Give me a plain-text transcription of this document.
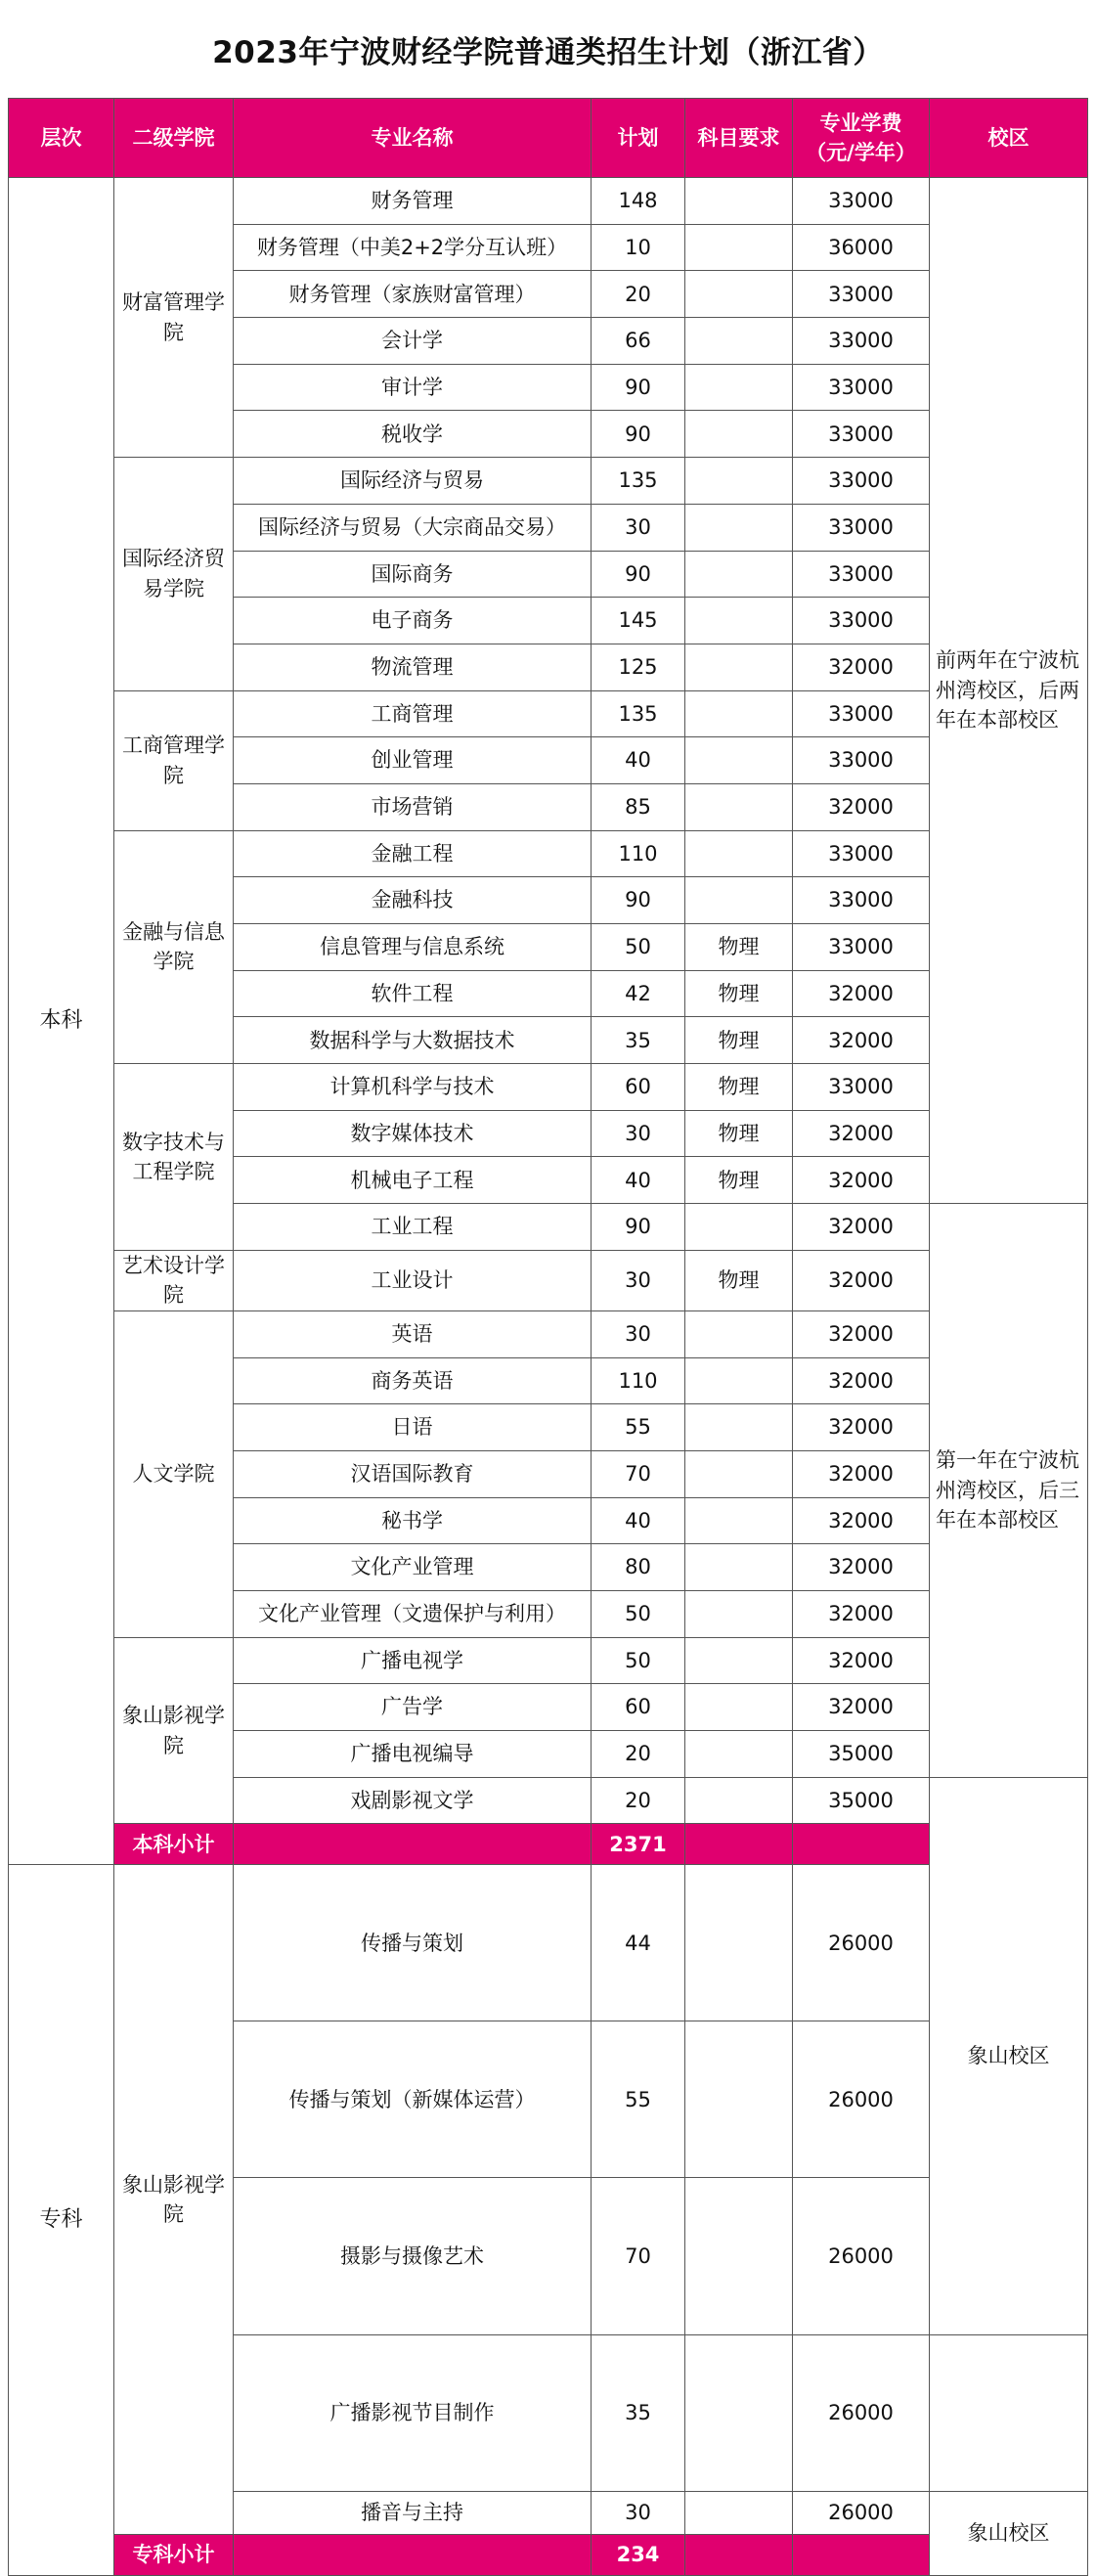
2023年宁波财经学院普通类招生计划（浙江省）
层次	二级学院	专业名称	计划	科目要求	专业学费（元/学年）	校区	
本科	财富管理学院	财务管理	148		33000	前两年在宁波杭州湾校区，后两年在本部校区	
		财务管理（中美2+2学分互认班）	10		36000		
		财务管理（家族财富管理）	20		33000		
		会计学	66		33000		
		审计学	90		33000		
		税收学	90		33000		
	国际经济贸易学院	国际经济与贸易	135		33000		
		国际经济与贸易（大宗商品交易）	30		33000		
		国际商务	90		33000		
		电子商务	145		33000		
		物流管理	125		32000		
	工商管理学院	工商管理	135		33000		
		创业管理	40		33000		
		市场营销	85		32000		
	金融与信息学院	金融工程	110		33000		
		金融科技	90		33000		
		信息管理与信息系统	50	物理	33000		
		软件工程	42	物理	32000		
		数据科学与大数据技术	35	物理	32000		
	数字技术与工程学院	计算机科学与技术	60	物理	33000		
		数字媒体技术	30	物理	32000		
		机械电子工程	40	物理	32000		
		工业工程	90		32000	第一年在宁波杭州湾校区，后三年在本部校区	
	艺术设计学院	工业设计	30	物理	32000		
	人文学院	英语	30		32000		
		商务英语	110		32000		
		日语	55		32000		
		汉语国际教育	70		32000		
		秘书学	40		32000		
		文化产业管理	80		32000		
		文化产业管理（文遗保护与利用）	50		32000		
	象山影视学院	广播电视学	50		32000		
		广告学	60		32000		
		广播电视编导	20		35000		
		戏剧影视文学	20		35000	象山校区	
	本科小计		2371				
专科	象山影视学院	传播与策划	44		26000	
		传播与策划（新媒体运营）	55		26000		
		摄影与摄像艺术	70		26000		
		广播影视节目制作	35		26000		
		播音与主持	30		26000	象山校区	
	专科小计		234				
